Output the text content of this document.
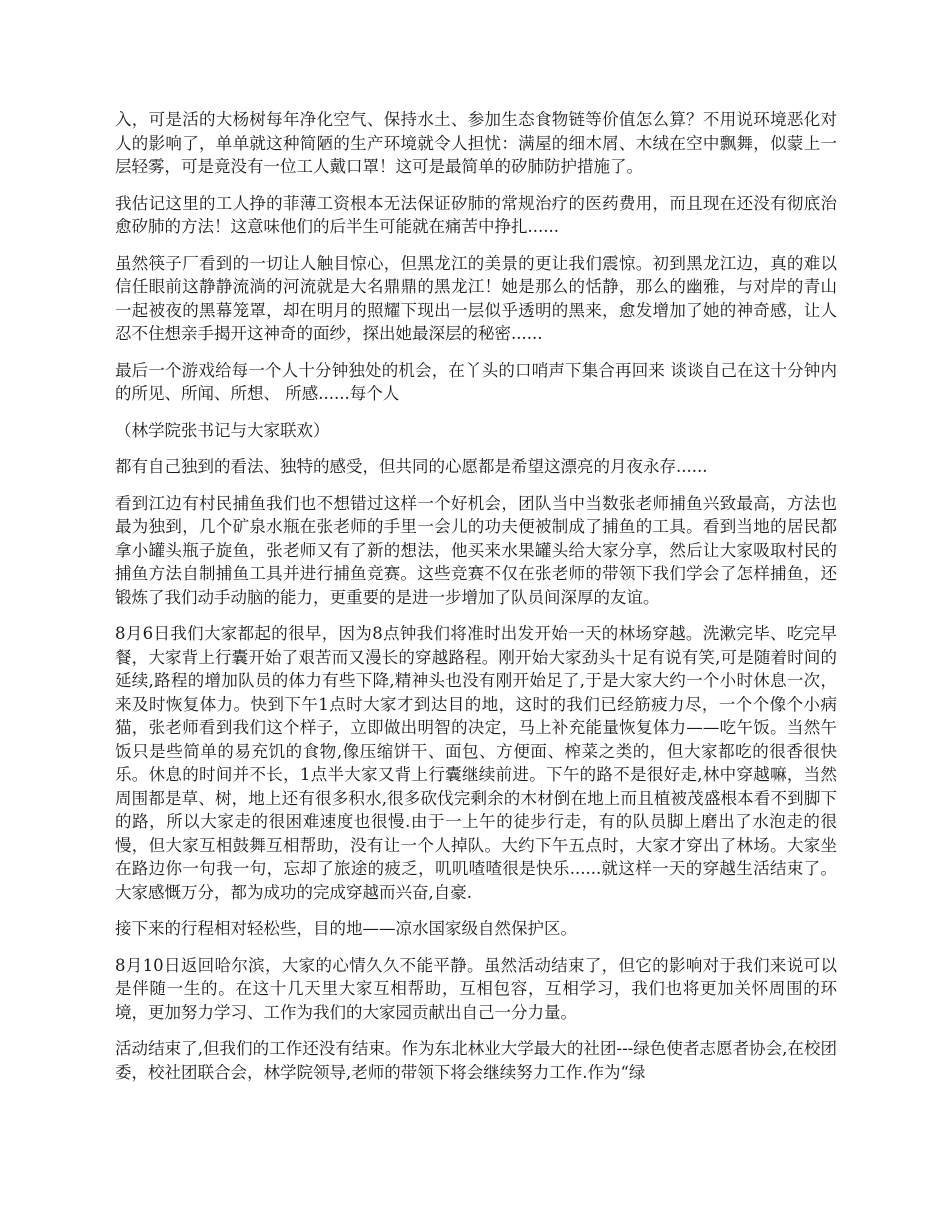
入，可是活的大杨树每年净化空气、保持水土、参加生态食物链等价值怎么算？不用说环境恶化对人的影响了，单单就这种简陋的生产环境就令人担忧：满屋的细木屑、木绒在空中飘舞，似蒙上一层轻雾，可是竟没有一位工人戴口罩！这可是最简单的矽肺防护措施了。

我估记这里的工人挣的菲薄工资根本无法保证矽肺的常规治疗的医药费用，而且现在还没有彻底治愈矽肺的方法！这意味他们的后半生可能就在痛苦中挣扎......

虽然筷子厂看到的一切让人触目惊心，但黑龙江的美景的更让我们震惊。初到黑龙江边，真的难以信任眼前这静静流淌的河流就是大名鼎鼎的黑龙江！她是那么的恬静，那么的幽雅，与对岸的青山一起被夜的黑幕笼罩，却在明月的照耀下现出一层似乎透明的黑来，愈发增加了她的神奇感，让人忍不住想亲手揭开这神奇的面纱，探出她最深层的秘密......

最后一个游戏给每一个人十分钟独处的机会，在丫头的口哨声下集合再回来 谈谈自己在这十分钟内的所见、所闻、所想、 所感......每个人

（林学院张书记与大家联欢）

都有自己独到的看法、独特的感受，但共同的心愿都是希望这漂亮的月夜永存......

看到江边有村民捕鱼我们也不想错过这样一个好机会，团队当中当数张老师捕鱼兴致最高，方法也最为独到，几个矿泉水瓶在张老师的手里一会儿的功夫便被制成了捕鱼的工具。看到当地的居民都拿小罐头瓶子旋鱼，张老师又有了新的想法，他买来水果罐头给大家分享，然后让大家吸取村民的捕鱼方法自制捕鱼工具并进行捕鱼竞赛。这些竞赛不仅在张老师的带领下我们学会了怎样捕鱼，还锻炼了我们动手动脑的能力，更重要的是进一步增加了队员间深厚的友谊。

8月6日我们大家都起的很早，因为8点钟我们将准时出发开始一天的林场穿越。洗漱完毕、吃完早餐，大家背上行囊开始了艰苦而又漫长的穿越路程。刚开始大家劲头十足有说有笑,可是随着时间的延续,路程的增加队员的体力有些下降,精神头也没有刚开始足了,于是大家大约一个小时休息一次，来及时恢复体力。快到下午1点时大家才到达目的地，这时的我们已经筋疲力尽，一个个像个小病猫，张老师看到我们这个样子，立即做出明智的决定，马上补充能量恢复体力——吃午饭。当然午饭只是些简单的易充饥的食物,像压缩饼干、面包、方便面、榨菜之类的，但大家都吃的很香很快乐。休息的时间并不长，1点半大家又背上行囊继续前进。下午的路不是很好走,林中穿越嘛，当然周围都是草、树，地上还有很多积水,很多砍伐完剩余的木材倒在地上而且植被茂盛根本看不到脚下的路，所以大家走的很困难速度也很慢.由于一上午的徒步行走，有的队员脚上磨出了水泡走的很慢，但大家互相鼓舞互相帮助，没有让一个人掉队。大约下午五点时，大家才穿出了林场。大家坐在路边你一句我一句，忘却了旅途的疲乏，叽叽喳喳很是快乐......就这样一天的穿越生活结束了。大家感慨万分，都为成功的完成穿越而兴奋,自豪.

接下来的行程相对轻松些，目的地——凉水国家级自然保护区。

8月10日返回哈尔滨，大家的心情久久不能平静。虽然活动结束了，但它的影响对于我们来说可以是伴随一生的。在这十几天里大家互相帮助，互相包容，互相学习，我们也将更加关怀周围的环境，更加努力学习、工作为我们的大家园贡献出自己一分力量。

活动结束了,但我们的工作还没有结束。作为东北林业大学最大的社团---绿色使者志愿者协会,在校团委，校社团联合会，林学院领导,老师的带领下将会继续努力工作.作为“绿
